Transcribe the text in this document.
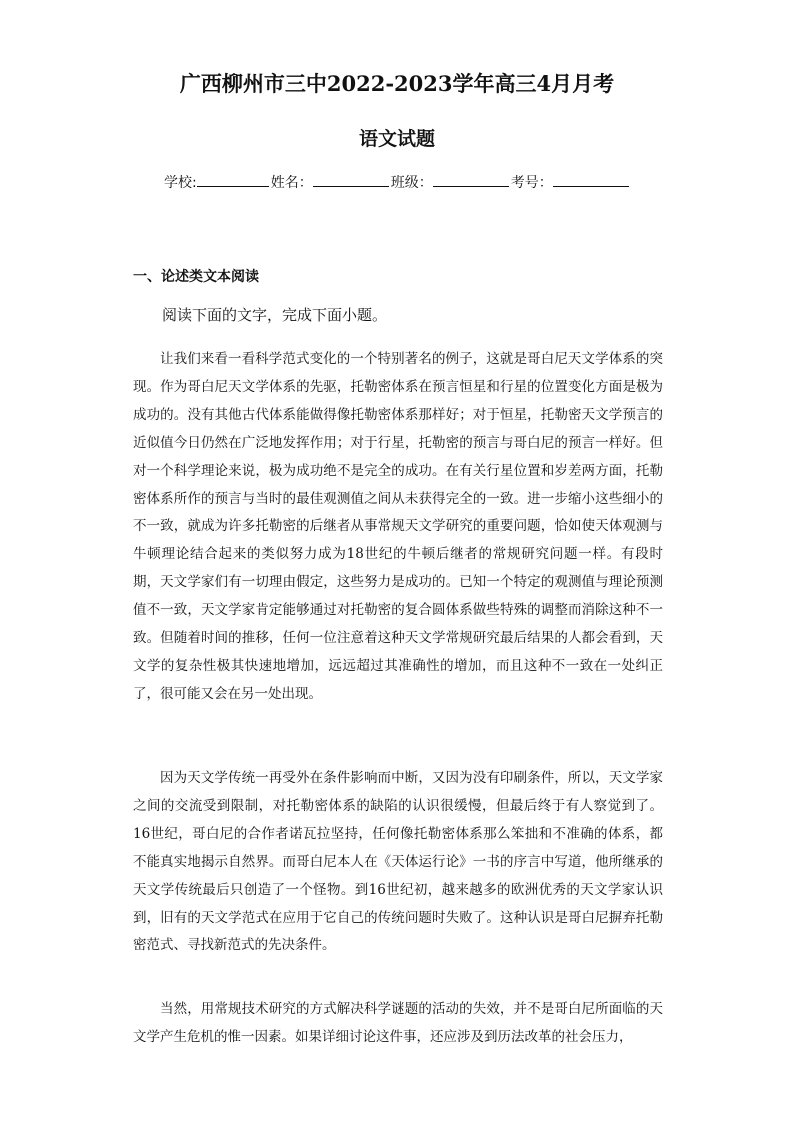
广西柳州市三中2022-2023学年高三4月月考
语文试题
学校:	姓名：	班级：	考号：
一、论述类文本阅读
阅读下面的文字，完成下面小题。
让我们来看一看科学范式变化的一个特别著名的例子，这就是哥白尼天文学体系的突现。作为哥白尼天文学体系的先驱，托勒密体系在预言恒星和行星的位置变化方面是极为成功的。没有其他古代体系能做得像托勒密体系那样好；对于恒星，托勒密天文学预言的近似值今日仍然在广泛地发挥作用；对于行星，托勒密的预言与哥白尼的预言一样好。但对一个科学理论来说，极为成功绝不是完全的成功。在有关行星位置和岁差两方面，托勒密体系所作的预言与当时的最佳观测值之间从未获得完全的一致。进一步缩小这些细小的不一致，就成为许多托勒密的后继者从事常规天文学研究的重要问题，恰如使天体观测与牛顿理论结合起来的类似努力成为18世纪的牛顿后继者的常规研究问题一样。有段时期，天文学家们有一切理由假定，这些努力是成功的。已知一个特定的观测值与理论预测值不一致，天文学家肯定能够通过对托勒密的复合圆体系做些特殊的调整而消除这种不一致。但随着时间的推移，任何一位注意着这种天文学常规研究最后结果的人都会看到，天文学的复杂性极其快速地增加，远远超过其准确性的增加，而且这种不一致在一处纠正了，很可能又会在另一处出现。
因为天文学传统一再受外在条件影响而中断，又因为没有印刷条件，所以，天文学家之间的交流受到限制，对托勒密体系的缺陷的认识很缓慢，但最后终于有人察觉到了。16世纪，哥白尼的合作者诺瓦拉坚持，任何像托勒密体系那么笨拙和不准确的体系，都不能真实地揭示自然界。而哥白尼本人在《天体运行论》一书的序言中写道，他所继承的天文学传统最后只创造了一个怪物。到16世纪初，越来越多的欧洲优秀的天文学家认识到，旧有的天文学范式在应用于它自己的传统问题时失败了。这种认识是哥白尼摒弃托勒密范式、寻找新范式的先决条件。
当然，用常规技术研究的方式解决科学谜题的活动的失效，并不是哥白尼所面临的天文学产生危机的惟一因素。如果详细讨论这件事，还应涉及到历法改革的社会压力，
